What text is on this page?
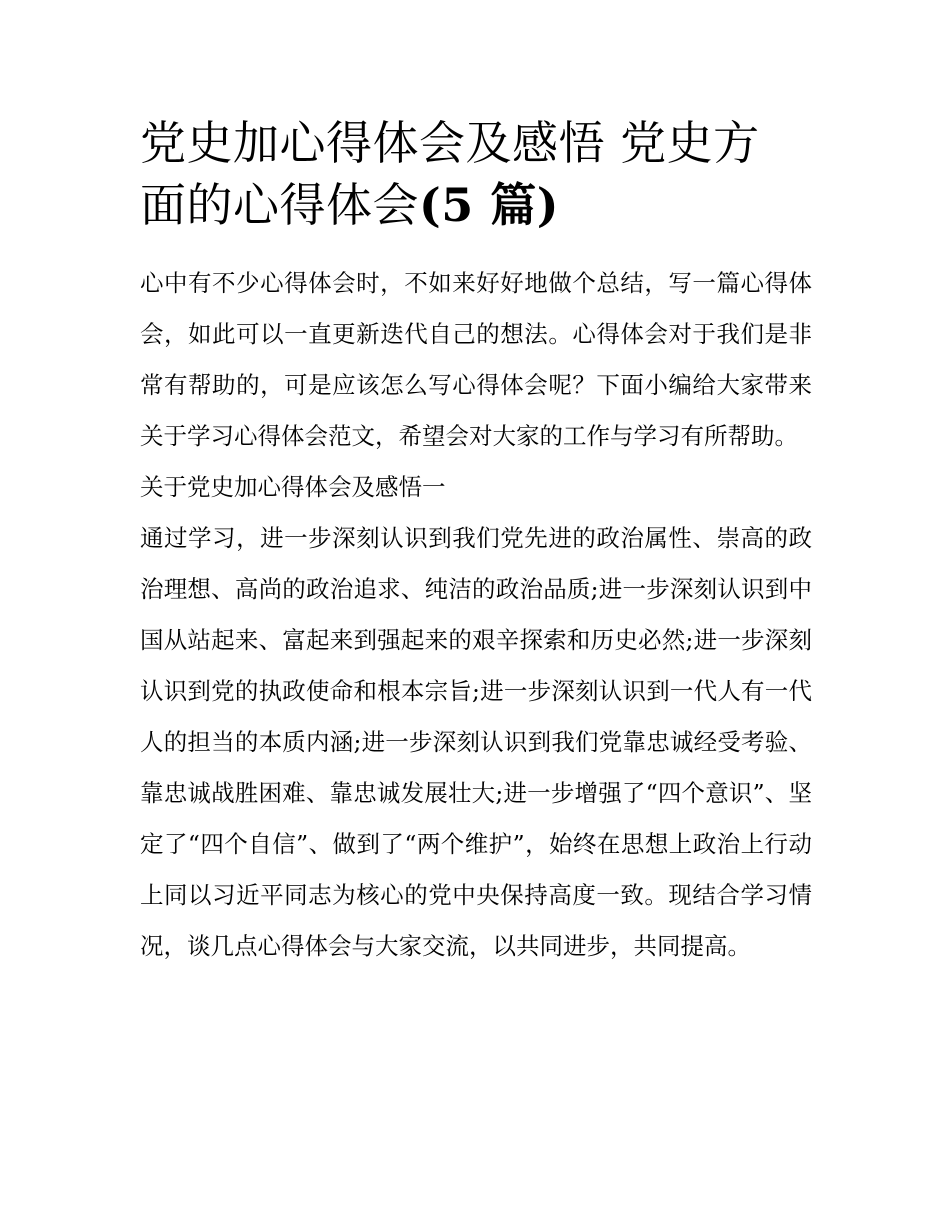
党史加心得体会及感悟 党史方
面的心得体会(5 篇)

心中有不少心得体会时，不如来好好地做个总结，写一篇心得体会，如此可以一直更新迭代自己的想法。心得体会对于我们是非常有帮助的，可是应该怎么写心得体会呢？下面小编给大家带来关于学习心得体会范文，希望会对大家的工作与学习有所帮助。

关于党史加心得体会及感悟一

通过学习，进一步深刻认识到我们党先进的政治属性、崇高的政治理想、高尚的政治追求、纯洁的政治品质;进一步深刻认识到中国从站起来、富起来到强起来的艰辛探索和历史必然;进一步深刻认识到党的执政使命和根本宗旨;进一步深刻认识到一代人有一代人的担当的本质内涵;进一步深刻认识到我们党靠忠诚经受考验、靠忠诚战胜困难、靠忠诚发展壮大;进一步增强了“四个意识”、坚定了“四个自信”、做到了“两个维护”，始终在思想上政治上行动上同以习近平同志为核心的党中央保持高度一致。现结合学习情况，谈几点心得体会与大家交流，以共同进步，共同提高。
